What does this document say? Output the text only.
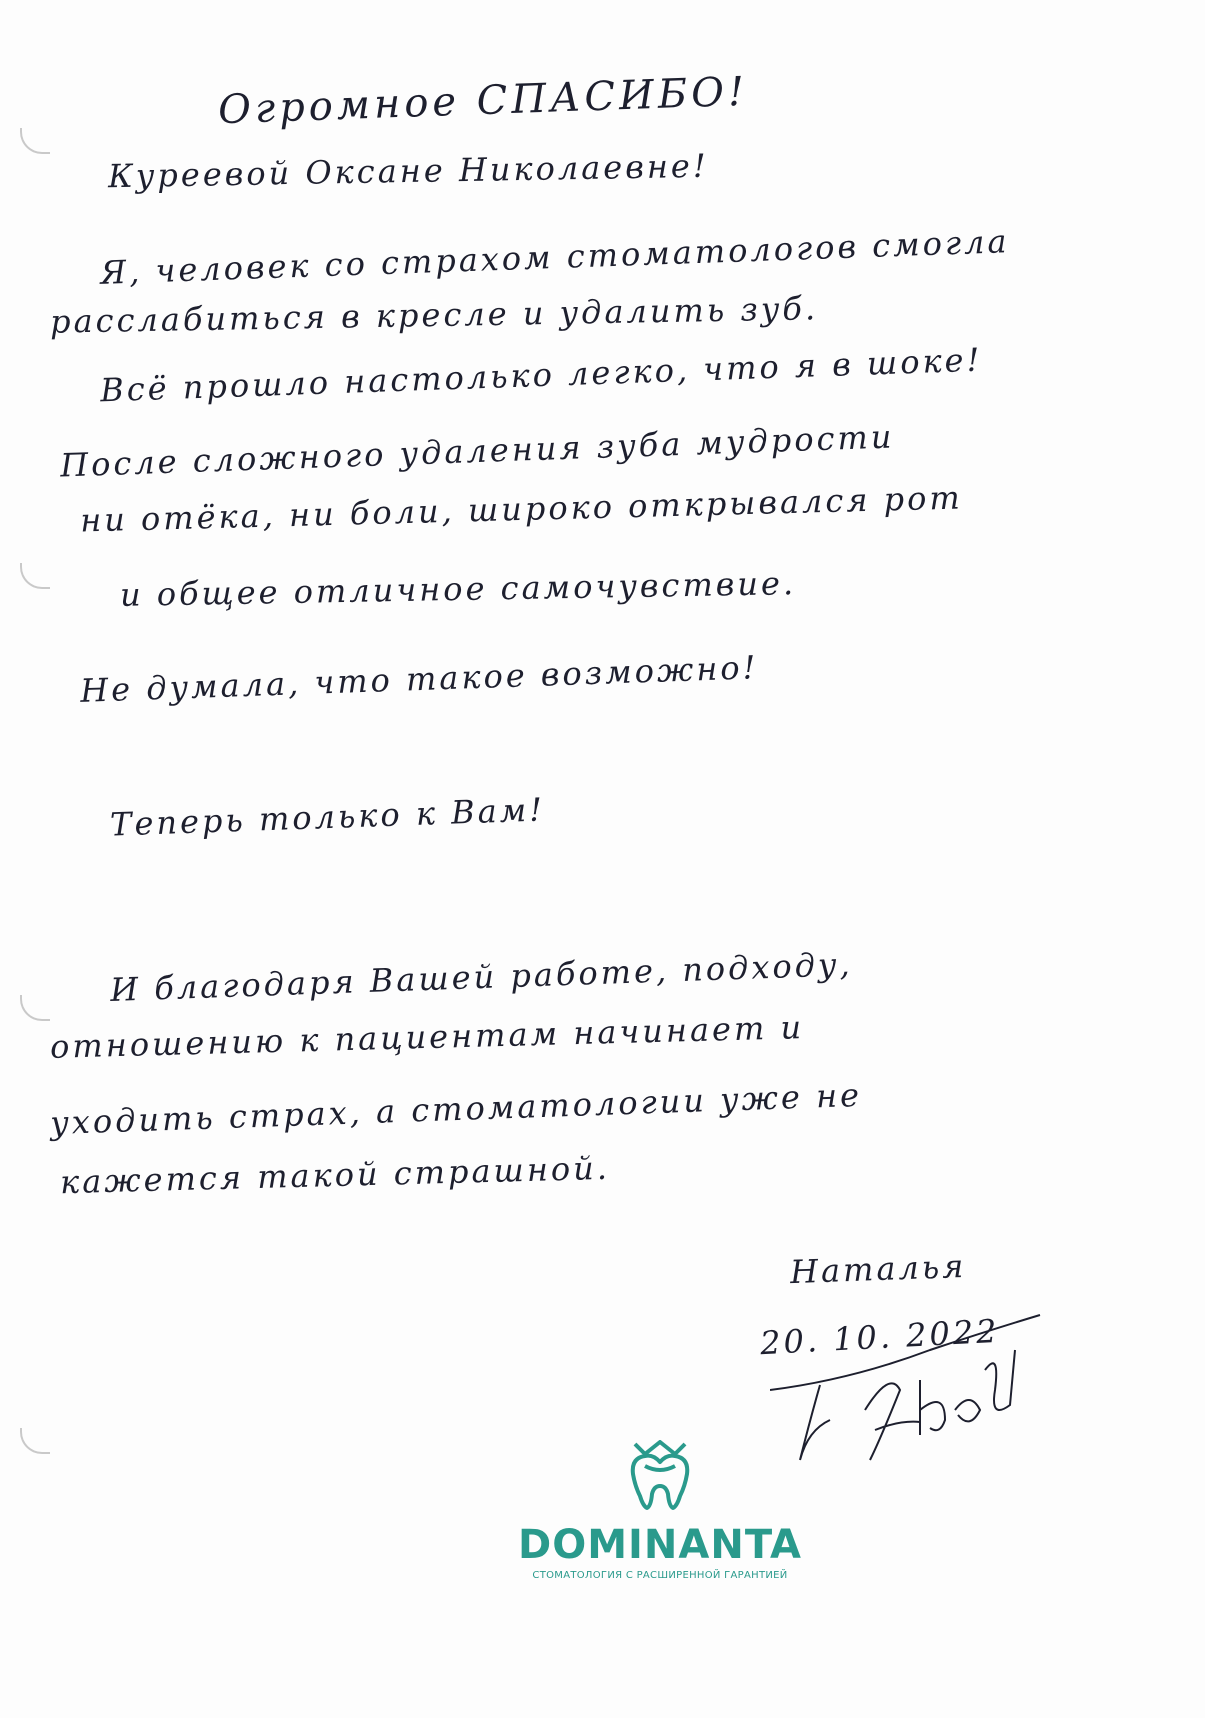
Огромное СПАСИБО!

Куреевой Оксане Николаевне!

Я, человек со страхом стоматологов смогла

расслабиться в кресле и удалить зуб.

Всё прошло настолько легко, что я в шоке!

После сложного удаления зуба мудрости

ни отёка, ни боли, широко открывался рот

и общее отличное самочувствие.

Не думала, что такое возможно!

Теперь только к Вам!

И благодаря Вашей работе, подходу,

отношению к пациентам начинает и

уходить страх, а стоматологии уже не

кажется такой страшной.

Наталья

20. 10. 2022

DOMINANTA
СТОМАТОЛОГИЯ С РАСШИРЕННОЙ ГАРАНТИЕЙ
